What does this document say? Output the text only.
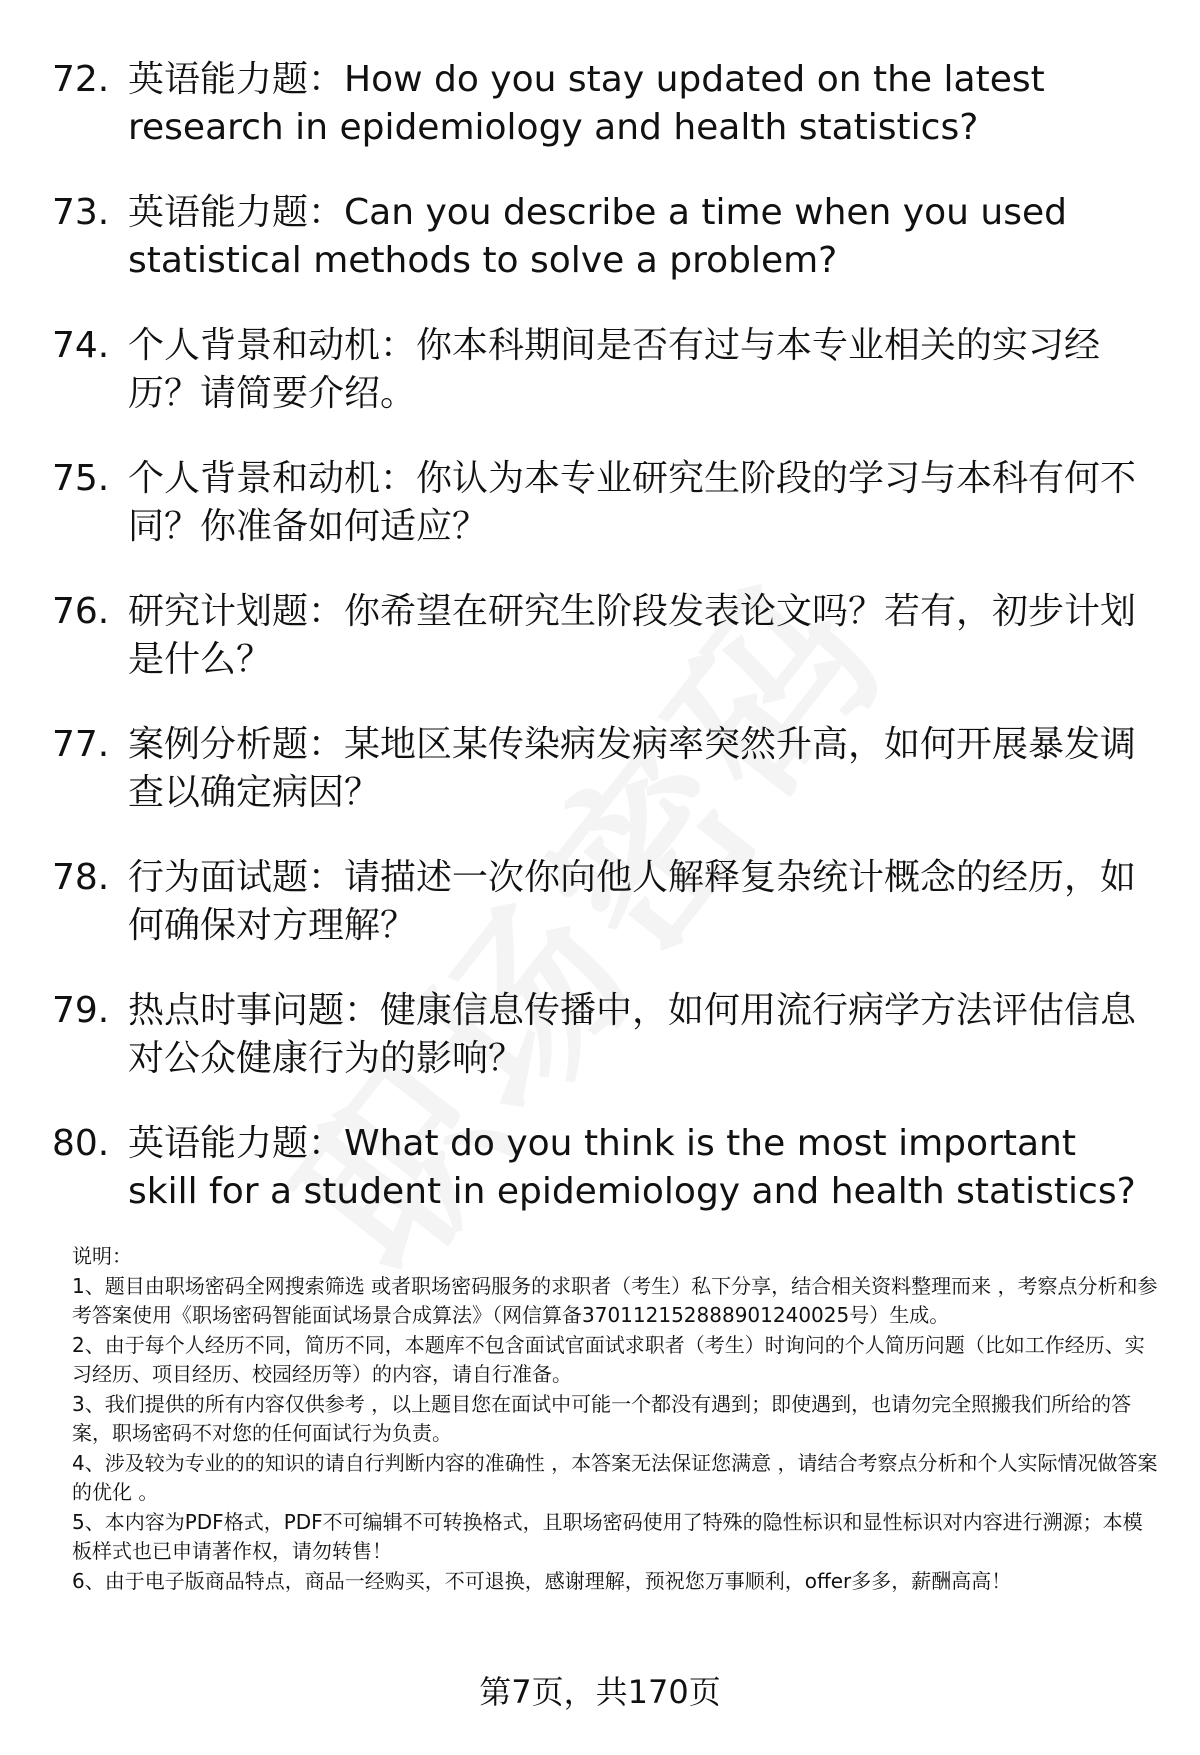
72. 英语能力题：How do you stay updated on the latest research in epidemiology and health statistics?
73. 英语能力题：Can you describe a time when you used statistical methods to solve a problem?
74. 个人背景和动机：你本科期间是否有过与本专业相关的实习经历？请简要介绍。
75. 个人背景和动机：你认为本专业研究生阶段的学习与本科有何不同？你准备如何适应？
76. 研究计划题：你希望在研究生阶段发表论文吗？若有，初步计划是什么？
77. 案例分析题：某地区某传染病发病率突然升高，如何开展暴发调查以确定病因？
78. 行为面试题：请描述一次你向他人解释复杂统计概念的经历，如何确保对方理解？
79. 热点时事问题：健康信息传播中，如何用流行病学方法评估信息对公众健康行为的影响？
80. 英语能力题：What do you think is the most important skill for a student in epidemiology and health statistics?

说明：

1、题目由职场密码全网搜索筛选 或者职场密码服务的求职者（考生）私下分享，结合相关资料整理而来 ，考察点分析和参考答案使用《职场密码智能面试场景合成算法》（网信算备370112152888901240025号）生成。

2、由于每个人经历不同，简历不同，本题库不包含面试官面试求职者（考生）时询问的个人简历问题（比如工作经历、实习经历、项目经历、校园经历等）的内容，请自行准备。

3、我们提供的所有内容仅供参考 ，以上题目您在面试中可能一个都没有遇到；即使遇到，也请勿完全照搬我们所给的答案，职场密码不对您的任何面试行为负责。

4、涉及较为专业的的知识的请自行判断内容的准确性 ，本答案无法保证您满意 ，请结合考察点分析和个人实际情况做答案的优化 。

5、本内容为PDF格式，PDF不可编辑不可转换格式，且职场密码使用了特殊的隐性标识和显性标识对内容进行溯源；本模板样式也已申请著作权，请勿转售！

6、由于电子版商品特点，商品一经购买，不可退换，感谢理解，预祝您万事顺利，offer多多，薪酬高高！

第7页，共170页
